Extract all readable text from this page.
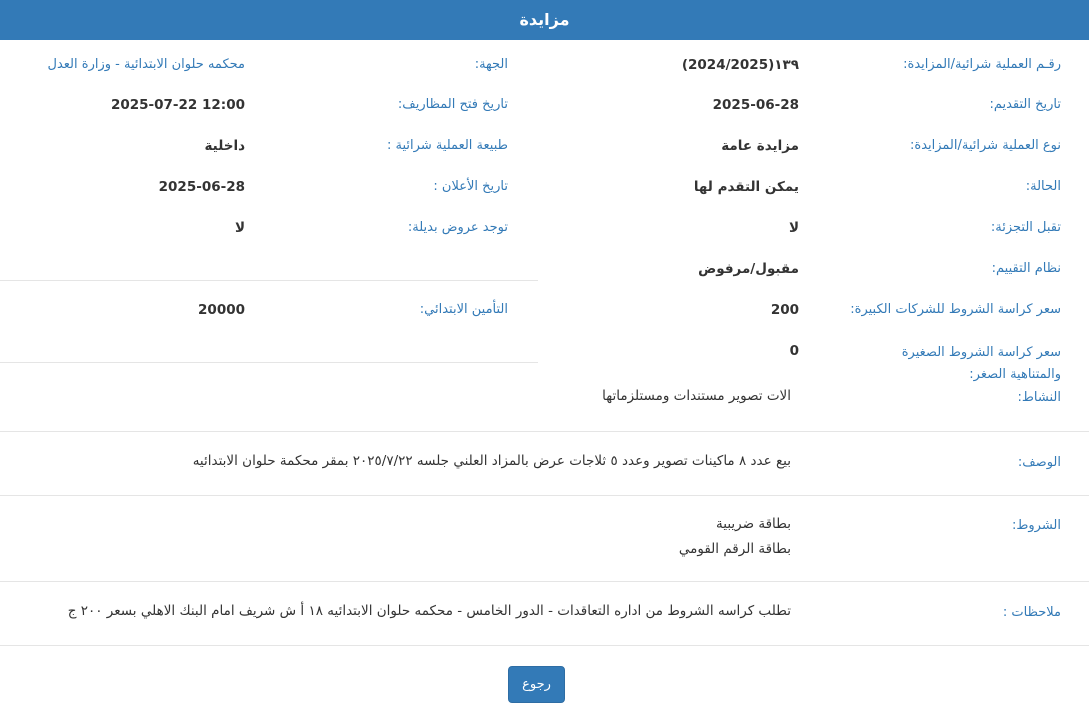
مزايدة
رقـم العملية شرائية/المزايدة:
١٣٩(2024/2025)
تاريخ التقديم:
2025-06-28
نوع العملية شرائية/المزايدة:
مزايدة عامة
الحالة:
يمكن التقدم لها
تقبل التجزئة:
لا
نظام التقييم:
مقبول/مرفوض
سعر كراسة الشروط للشركات الكبيرة:
200
سعر كراسة الشروط الصغيرة والمتناهية الصغر:
0
الجهة:
محكمه حلوان الابتدائية - وزارة العدل
تاريخ فتح المظاريف:
2025-07-22 12:00
طبيعة العملية شرائية :
داخلية
تاريخ الأعلان :
2025-06-28
توجد عروض بديلة:
لا
التأمين الابتدائي:
20000
النشاط:
الات تصوير مستندات ومستلزماتها
الوصف:
بيع عدد ٨ ماكينات تصوير وعدد ٥ ثلاجات عرض بالمزاد العلني جلسه ٢٠٢٥/٧/٢٢ بمقر محكمة حلوان الابتدائيه
الشروط:
بطاقة ضريبية
بطاقة الرقم القومي
ملاحظات :
تطلب كراسه الشروط من اداره التعاقدات - الدور الخامس - محكمه حلوان الابتدائيه ١٨ أ ش شريف امام البنك الاهلي بسعر ٢٠٠ ج
رجوع
